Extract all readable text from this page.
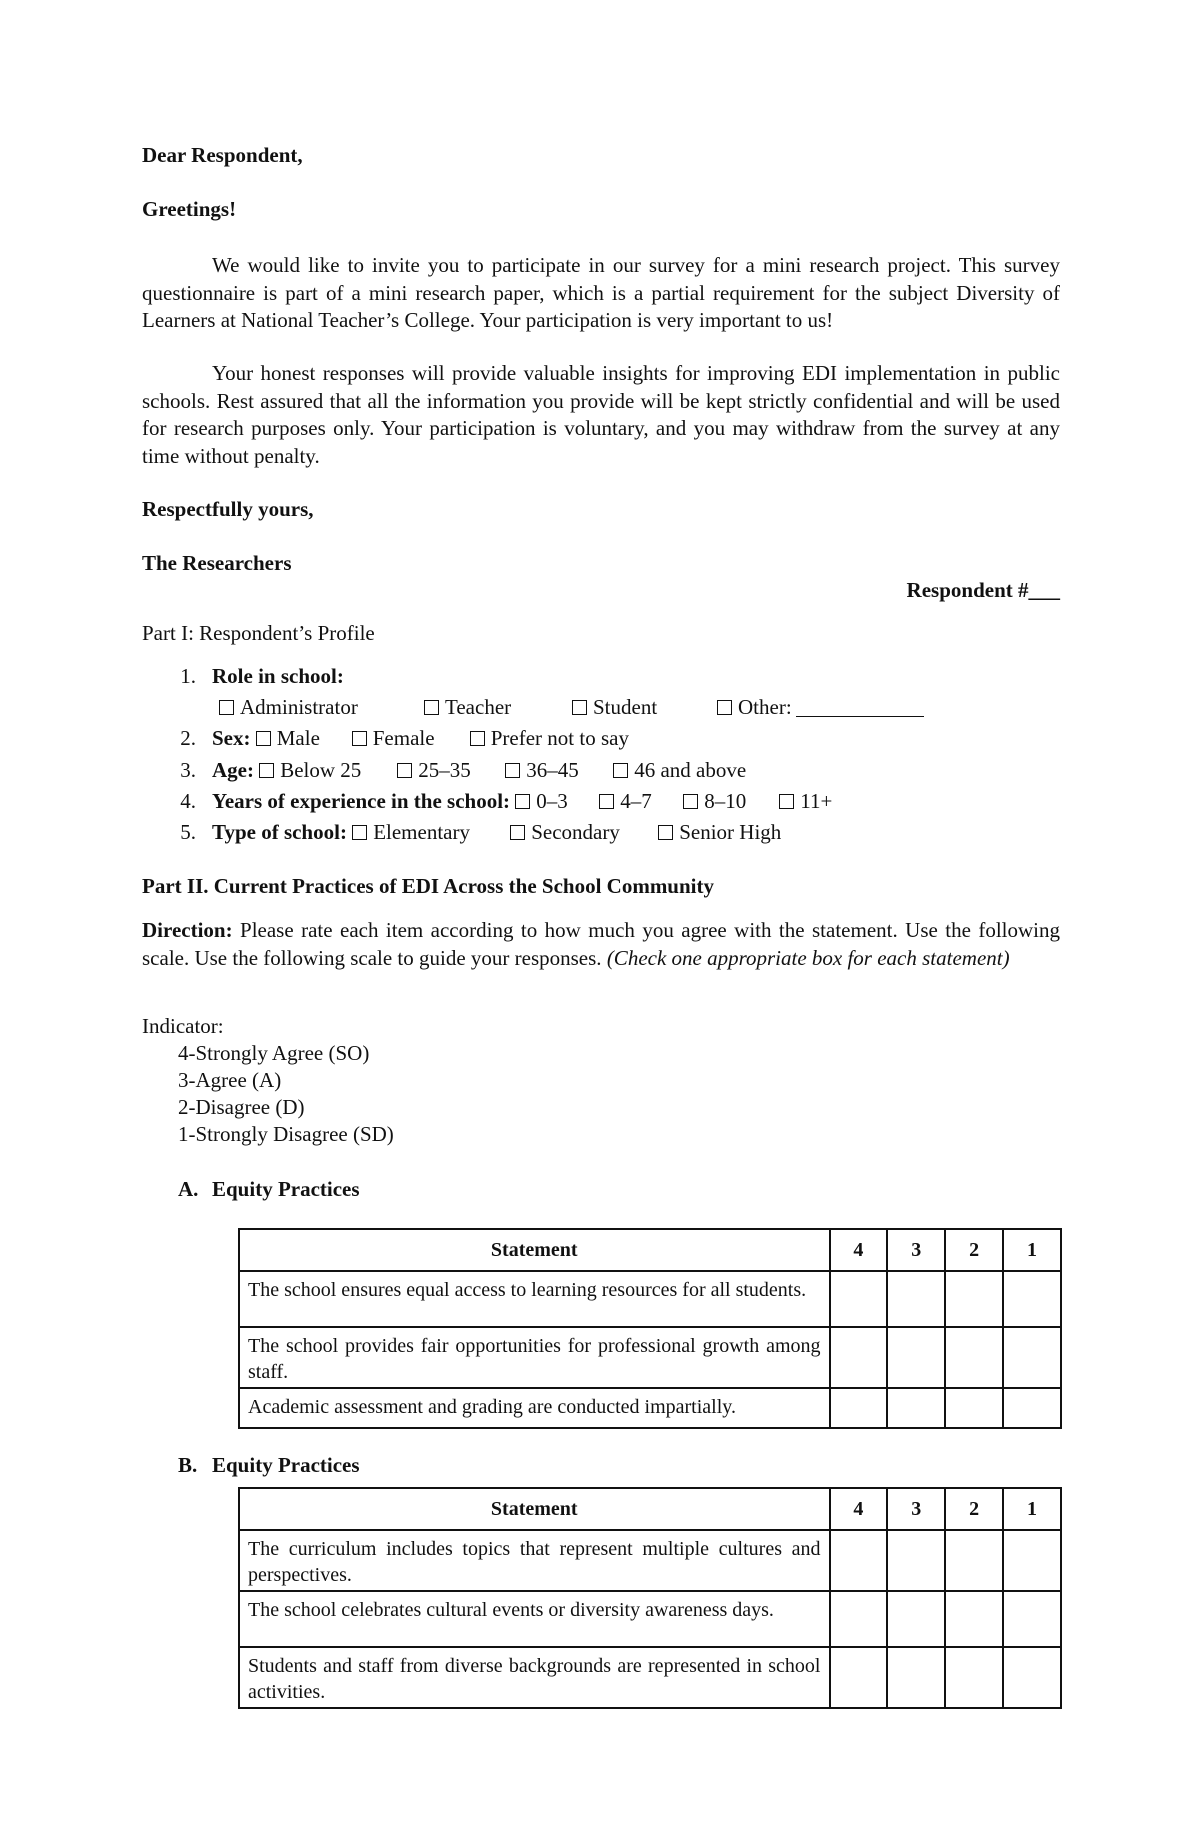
Dear Respondent,
Greetings!
We would like to invite you to participate in our survey for a mini research project. This survey questionnaire is part of a mini research paper, which is a partial requirement for the subject Diversity of Learners at National Teacher’s College. Your participation is very important to us!
Your honest responses will provide valuable insights for improving EDI implementation in public schools. Rest assured that all the information you provide will be kept strictly confidential and will be used for research purposes only. Your participation is voluntary, and you may withdraw from the survey at any time without penalty.
Respectfully yours,
The Researchers
Respondent #___
Part I: Respondent’s Profile
1. Role in school:
Administrator	Teacher	Student	Other:
2. Sex: Male	Female	Prefer not to say
3. Age: Below 25	25–35	36–45	46 and above
4. Years of experience in the school: 0–3	4–7	8–10	11+
5. Type of school: Elementary	Secondary	Senior High
Part II. Current Practices of EDI Across the School Community
Direction: Please rate each item according to how much you agree with the statement. Use the following scale. Use the following scale to guide your responses. (Check one appropriate box for each statement)
Indicator:
4-Strongly Agree (SO)
3-Agree (A)
2-Disagree (D)
1-Strongly Disagree (SD)
A. Equity Practices
Statement	4	3	2	1
The school ensures equal access to learning resources for all students.				
The school provides fair opportunities for professional growth among staff.				
Academic assessment and grading are conducted impartially.				
B. Equity Practices
Statement	4	3	2	1
The curriculum includes topics that represent multiple cultures and perspectives.				
The school celebrates cultural events or diversity awareness days.				
Students and staff from diverse backgrounds are represented in school activities.				
